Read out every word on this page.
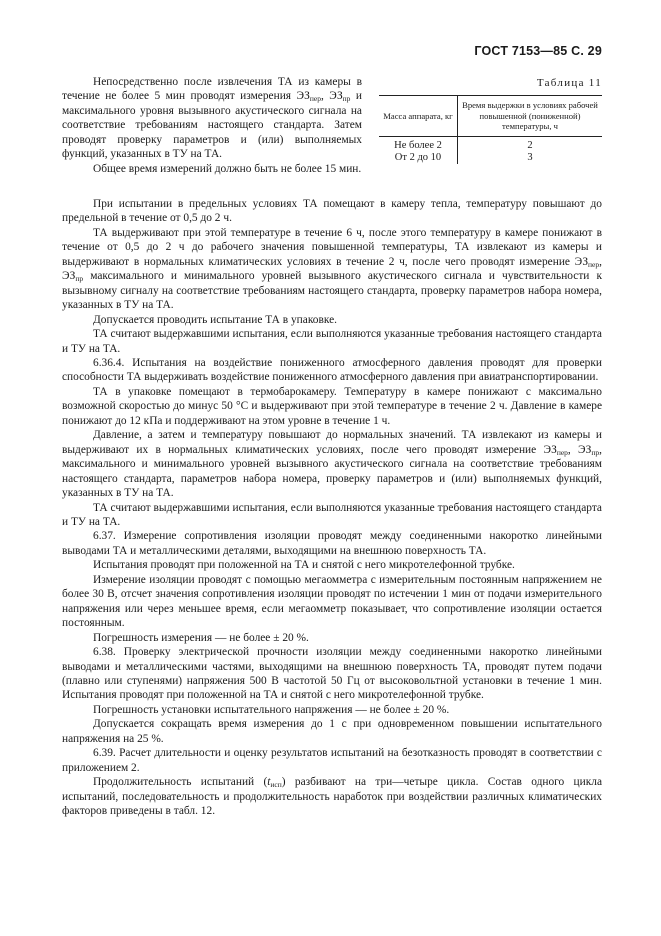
ГОСТ 7153—85 С. 29

Непосредственно после извлечения ТА из камеры в течение не более 5 мин проводят измерения $ЭЗ_{пер}$, $ЭЗ_{пр}$ и максимального уровня вызывного акустического сигнала на соответствие требованиям настоящего стандарта. Затем проводят проверку параметров и (или) выполняемых функций, указанных в ТУ на ТА.

Общее время измерений должно быть не более 15 мин.

Таблица 11
Масса аппарата, кг	Время выдержки в условиях рабочей повышенной (пониженной) температуры, ч
Не более 2	2
От 2 до 10	3

При испытании в предельных условиях ТА помещают в камеру тепла, температуру повышают до предельной в течение от 0,5 до 2 ч.

ТА выдерживают при этой температуре в течение 6 ч, после этого температуру в камере понижают в течение от 0,5 до 2 ч до рабочего значения повышенной температуры, ТА извлекают из камеры и выдерживают в нормальных климатических условиях в течение 2 ч, после чего проводят измерение $ЭЗ_{пер}$, $ЭЗ_{пр}$ максимального и минимального уровней вызывного акустического сигнала и чувствительности к вызывному сигналу на соответствие требованиям настоящего стандарта, проверку параметров набора номера, указанных в ТУ на ТА.

Допускается проводить испытание ТА в упаковке.

ТА считают выдержавшими испытания, если выполняются указанные требования настоящего стандарта и ТУ на ТА.

6.36.4. Испытания на воздействие пониженного атмосферного давления проводят для проверки способности ТА выдерживать воздействие пониженного атмосферного давления при авиатранспортировании.

ТА в упаковке помещают в термобарокамеру. Температуру в камере понижают с максимально возможной скоростью до минус 50 °С и выдерживают при этой температуре в течение 2 ч. Давление в камере понижают до 12 кПа и поддерживают на этом уровне в течение 1 ч.

Давление, а затем и температуру повышают до нормальных значений. ТА извлекают из камеры и выдерживают их в нормальных климатических условиях, после чего проводят измерение $ЭЗ_{пер}$, $ЭЗ_{пр}$, максимального и минимального уровней вызывного акустического сигнала на соответствие требованиям настоящего стандарта, параметров набора номера, проверку параметров и (или) выполняемых функций, указанных в ТУ на ТА.

ТА считают выдержавшими испытания, если выполняются указанные требования настоящего стандарта и ТУ на ТА.

6.37. Измерение сопротивления изоляции проводят между соединенными накоротко линейными выводами ТА и металлическими деталями, выходящими на внешнюю поверхность ТА.

Испытания проводят при положенной на ТА и снятой с него микротелефонной трубке.

Измерение изоляции проводят с помощью мегаомметра с измерительным постоянным напряжением не более 30 В, отсчет значения сопротивления изоляции проводят по истечении 1 мин от подачи измерительного напряжения или через меньшее время, если мегаомметр показывает, что сопротивление изоляции остается постоянным.

Погрешность измерения — не более ± 20 %.

6.38. Проверку электрической прочности изоляции между соединенными накоротко линейными выводами и металлическими частями, выходящими на внешнюю поверхность ТА, проводят путем подачи (плавно или ступенями) напряжения 500 В частотой 50 Гц от высоковольтной установки в течение 1 мин. Испытания проводят при положенной на ТА и снятой с него микротелефонной трубке.

Погрешность установки испытательного напряжения — не более ± 20 %.

Допускается сокращать время измерения до 1 с при одновременном повышении испытательного напряжения на 25 %.

6.39. Расчет длительности и оценку результатов испытаний на безотказность проводят в соответствии с приложением 2.

Продолжительность испытаний $(t_{исп})$ разбивают на три—четыре цикла. Состав одного цикла испытаний, последовательность и продолжительность наработок при воздействии различных климатических факторов приведены в табл. 12.
